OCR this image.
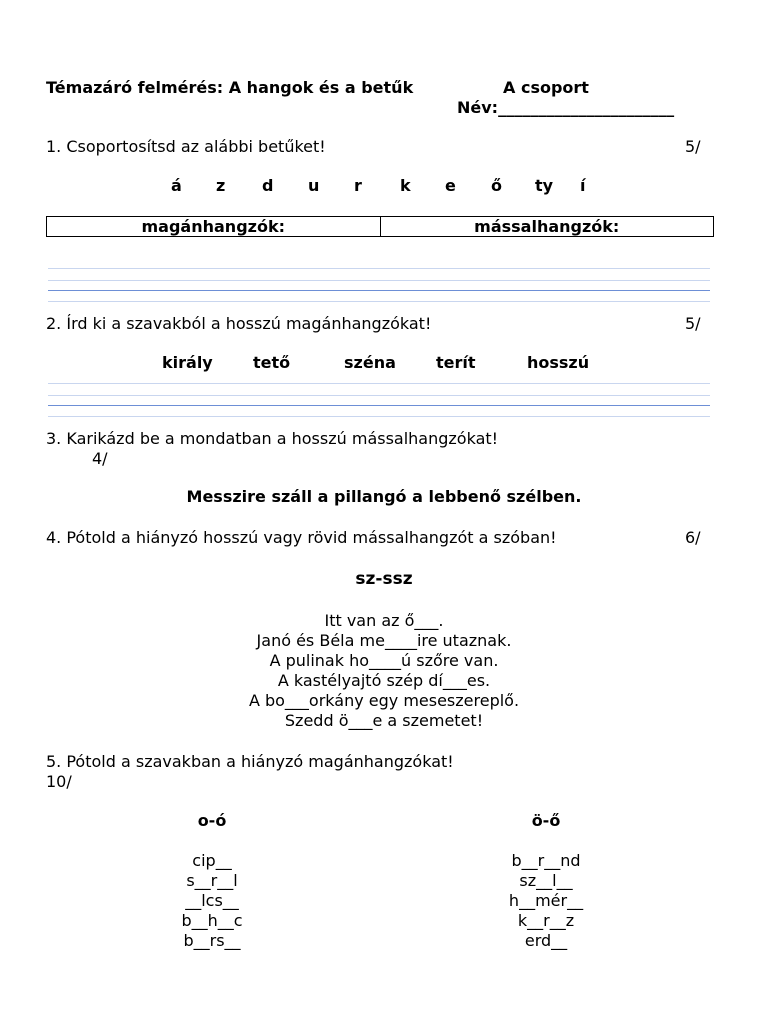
Témazáró felmérés: A hangok és a betűk	A csoport
Név:______________________
1. Csoportosítsd az alábbi betűket!	5/
á z d u r k e ő ty í
magánhangzók:	mássalhangzók:
2. Írd ki a szavakból a hosszú magánhangzókat!	5/
király	tető	széna	terít	hosszú
3. Karikázd be a mondatban a hosszú mássalhangzókat!
4/
Messzire száll a pillangó a lebbenő szélben.
4. Pótold a hiányzó hosszú vagy rövid mássalhangzót a szóban!	6/
sz-ssz
Itt van az ő___.
Janó és Béla me____ire utaznak.
A pulinak ho____ú szőre van.
A kastélyajtó szép dí___es.
A bo___orkány egy meseszereplő.
Szedd ö___e a szemetet!
5. Pótold a szavakban a hiányzó magánhangzókat!
10/
o-ó
cip__
s__r__l
__lcs__
b__h__c
b__rs__
ö-ő
b__r__nd
sz__l__
h__mér__
k__r__z
erd__
